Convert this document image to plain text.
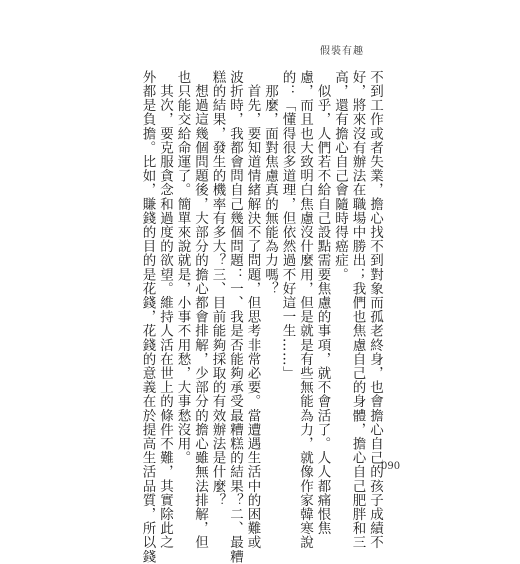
假裝有趣
不到工作或者失業，擔心找不到對象而孤老終身，也會擔心自己的孩子成績不
好，將來沒有辦法在職場中勝出；我們也焦慮自己的身體，擔心自己肥胖和三
高，還有擔心自己會隨時得癌症。
　似乎，人們若不給自己設點需要焦慮的事項，就不會活了。人人都痛恨焦
慮，而且也大致明白焦慮沒什麼用，但是就是有些無能為力，就像作家韓寒說
的：「懂得很多道理，但依然過不好這一生……」
　那麼，面對焦慮真的無能為力嗎？
　首先，要知道情緒解決不了問題，但思考非常必要。當遭遇生活中的困難或
波折時，我都會問自己幾個問題：一、我是否能夠承受最糟糕的結果？二、最糟
糕的結果，發生的機率有多大？三、目前能夠採取的有效辦法是什麼？
　想過這幾個問題後，大部分的擔心都會排解，少部分的擔心雖無法排解，但
也只能交給命運了。簡單來說就是，小事不用愁，大事愁沒用。
　其次，要克服貪念和過度的欲望。維持人活在世上的條件不難，其實除此之
外都是負擔。比如，賺錢的目的是花錢，花錢的意義在於提高生活品質，所以錢	090
